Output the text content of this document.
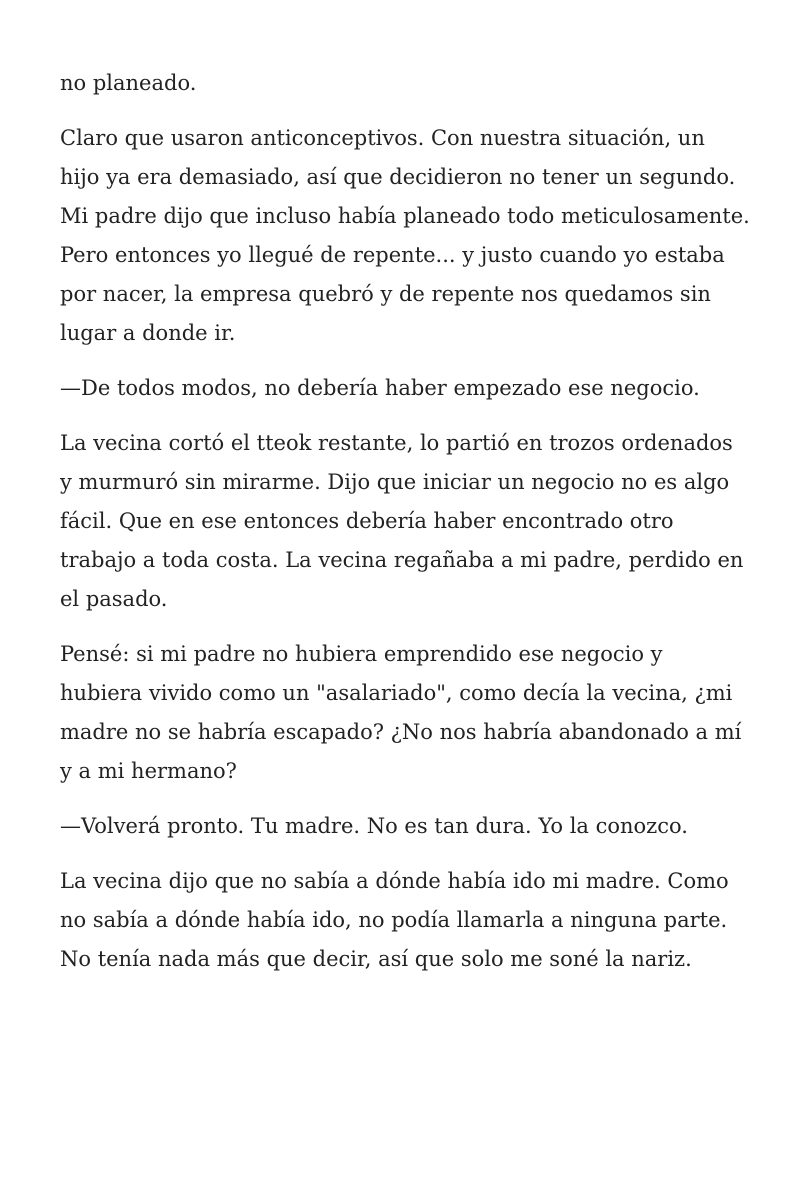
no planeado.

Claro que usaron anticonceptivos. Con nuestra situación, un hijo ya era demasiado, así que decidieron no tener un segundo. Mi padre dijo que incluso había planeado todo meticulosamente. Pero entonces yo llegué de repente... y justo cuando yo estaba por nacer, la empresa quebró y de repente nos quedamos sin lugar a donde ir.

—De todos modos, no debería haber empezado ese negocio.

La vecina cortó el tteok restante, lo partió en trozos ordenados y murmuró sin mirarme. Dijo que iniciar un negocio no es algo fácil. Que en ese entonces debería haber encontrado otro trabajo a toda costa. La vecina regañaba a mi padre, perdido en el pasado.

Pensé: si mi padre no hubiera emprendido ese negocio y hubiera vivido como un "asalariado", como decía la vecina, ¿mi madre no se habría escapado? ¿No nos habría abandonado a mí y a mi hermano?

—Volverá pronto. Tu madre. No es tan dura. Yo la conozco.

La vecina dijo que no sabía a dónde había ido mi madre. Como no sabía a dónde había ido, no podía llamarla a ninguna parte. No tenía nada más que decir, así que solo me soné la nariz.
